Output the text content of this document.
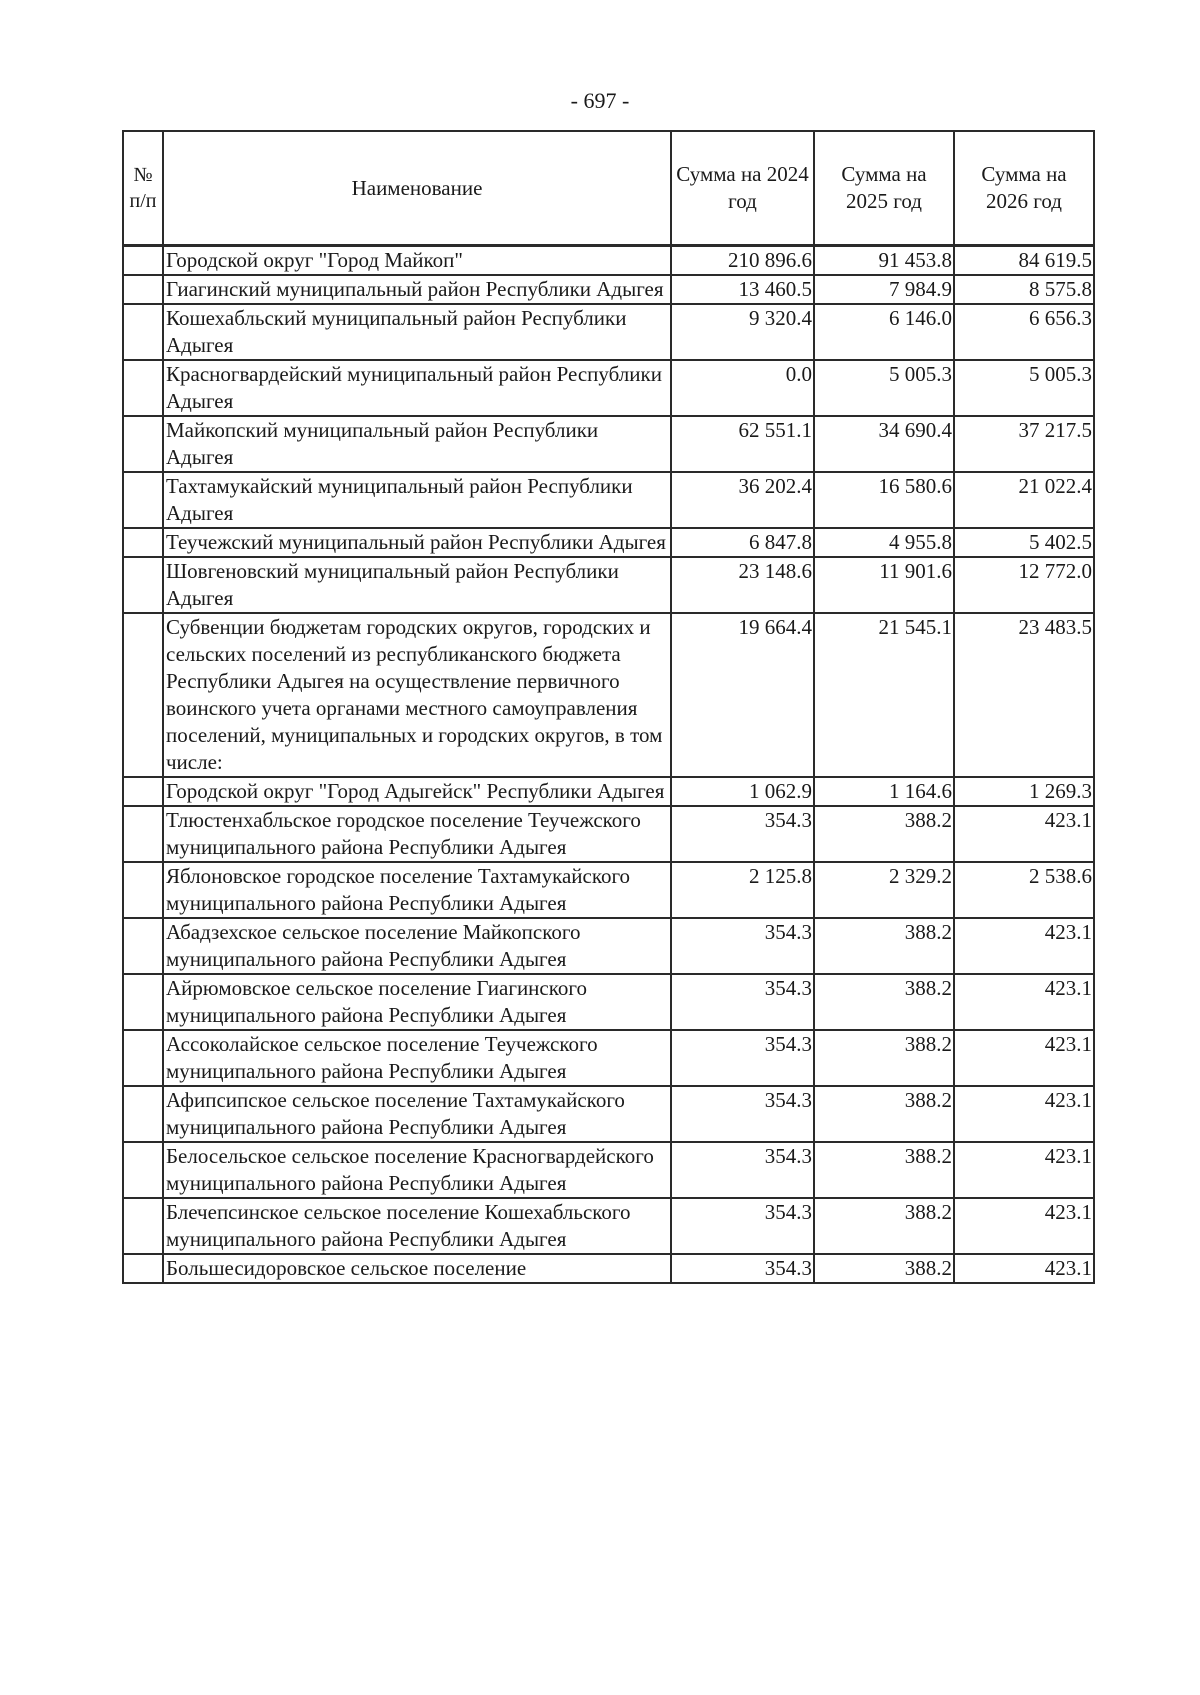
- 697 -
№ п/п	Наименование	Сумма на 2024 год	Сумма на 2025 год	Сумма на 2026 год
	Городской округ "Город Майкоп"	210 896.6	91 453.8	84 619.5
	Гиагинский муниципальный район Республики Адыгея	13 460.5	7 984.9	8 575.8
	Кошехабльский муниципальный район Республики Адыгея	9 320.4	6 146.0	6 656.3
	Красногвардейский муниципальный район Республики Адыгея	0.0	5 005.3	5 005.3
	Майкопский муниципальный район Республики Адыгея	62 551.1	34 690.4	37 217.5
	Тахтамукайский муниципальный район Республики Адыгея	36 202.4	16 580.6	21 022.4
	Теучежский муниципальный район Республики Адыгея	6 847.8	4 955.8	5 402.5
	Шовгеновский муниципальный район Республики Адыгея	23 148.6	11 901.6	12 772.0
	Субвенции бюджетам городских округов, городских и сельских поселений из республиканского бюджета Республики Адыгея на осуществление первичного воинского учета органами местного самоуправления поселений, муниципальных и городских округов, в том числе:	19 664.4	21 545.1	23 483.5
	Городской округ "Город Адыгейск" Республики Адыгея	1 062.9	1 164.6	1 269.3
	Тлюстенхабльское городское поселение Теучежского муниципального района Республики Адыгея	354.3	388.2	423.1
	Яблоновское городское поселение Тахтамукайского муниципального района Республики Адыгея	2 125.8	2 329.2	2 538.6
	Абадзехское сельское поселение Майкопского муниципального района Республики Адыгея	354.3	388.2	423.1
	Айрюмовское сельское поселение Гиагинского муниципального района Республики Адыгея	354.3	388.2	423.1
	Ассоколайское сельское поселение Теучежского муниципального района Республики Адыгея	354.3	388.2	423.1
	Афипсипское сельское поселение Тахтамукайского муниципального района Республики Адыгея	354.3	388.2	423.1
	Белосельское сельское поселение Красногвардейского муниципального района Республики Адыгея	354.3	388.2	423.1
	Блечепсинское сельское поселение Кошехабльского муниципального района Республики Адыгея	354.3	388.2	423.1
	Большесидоровское сельское поселение	354.3	388.2	423.1
